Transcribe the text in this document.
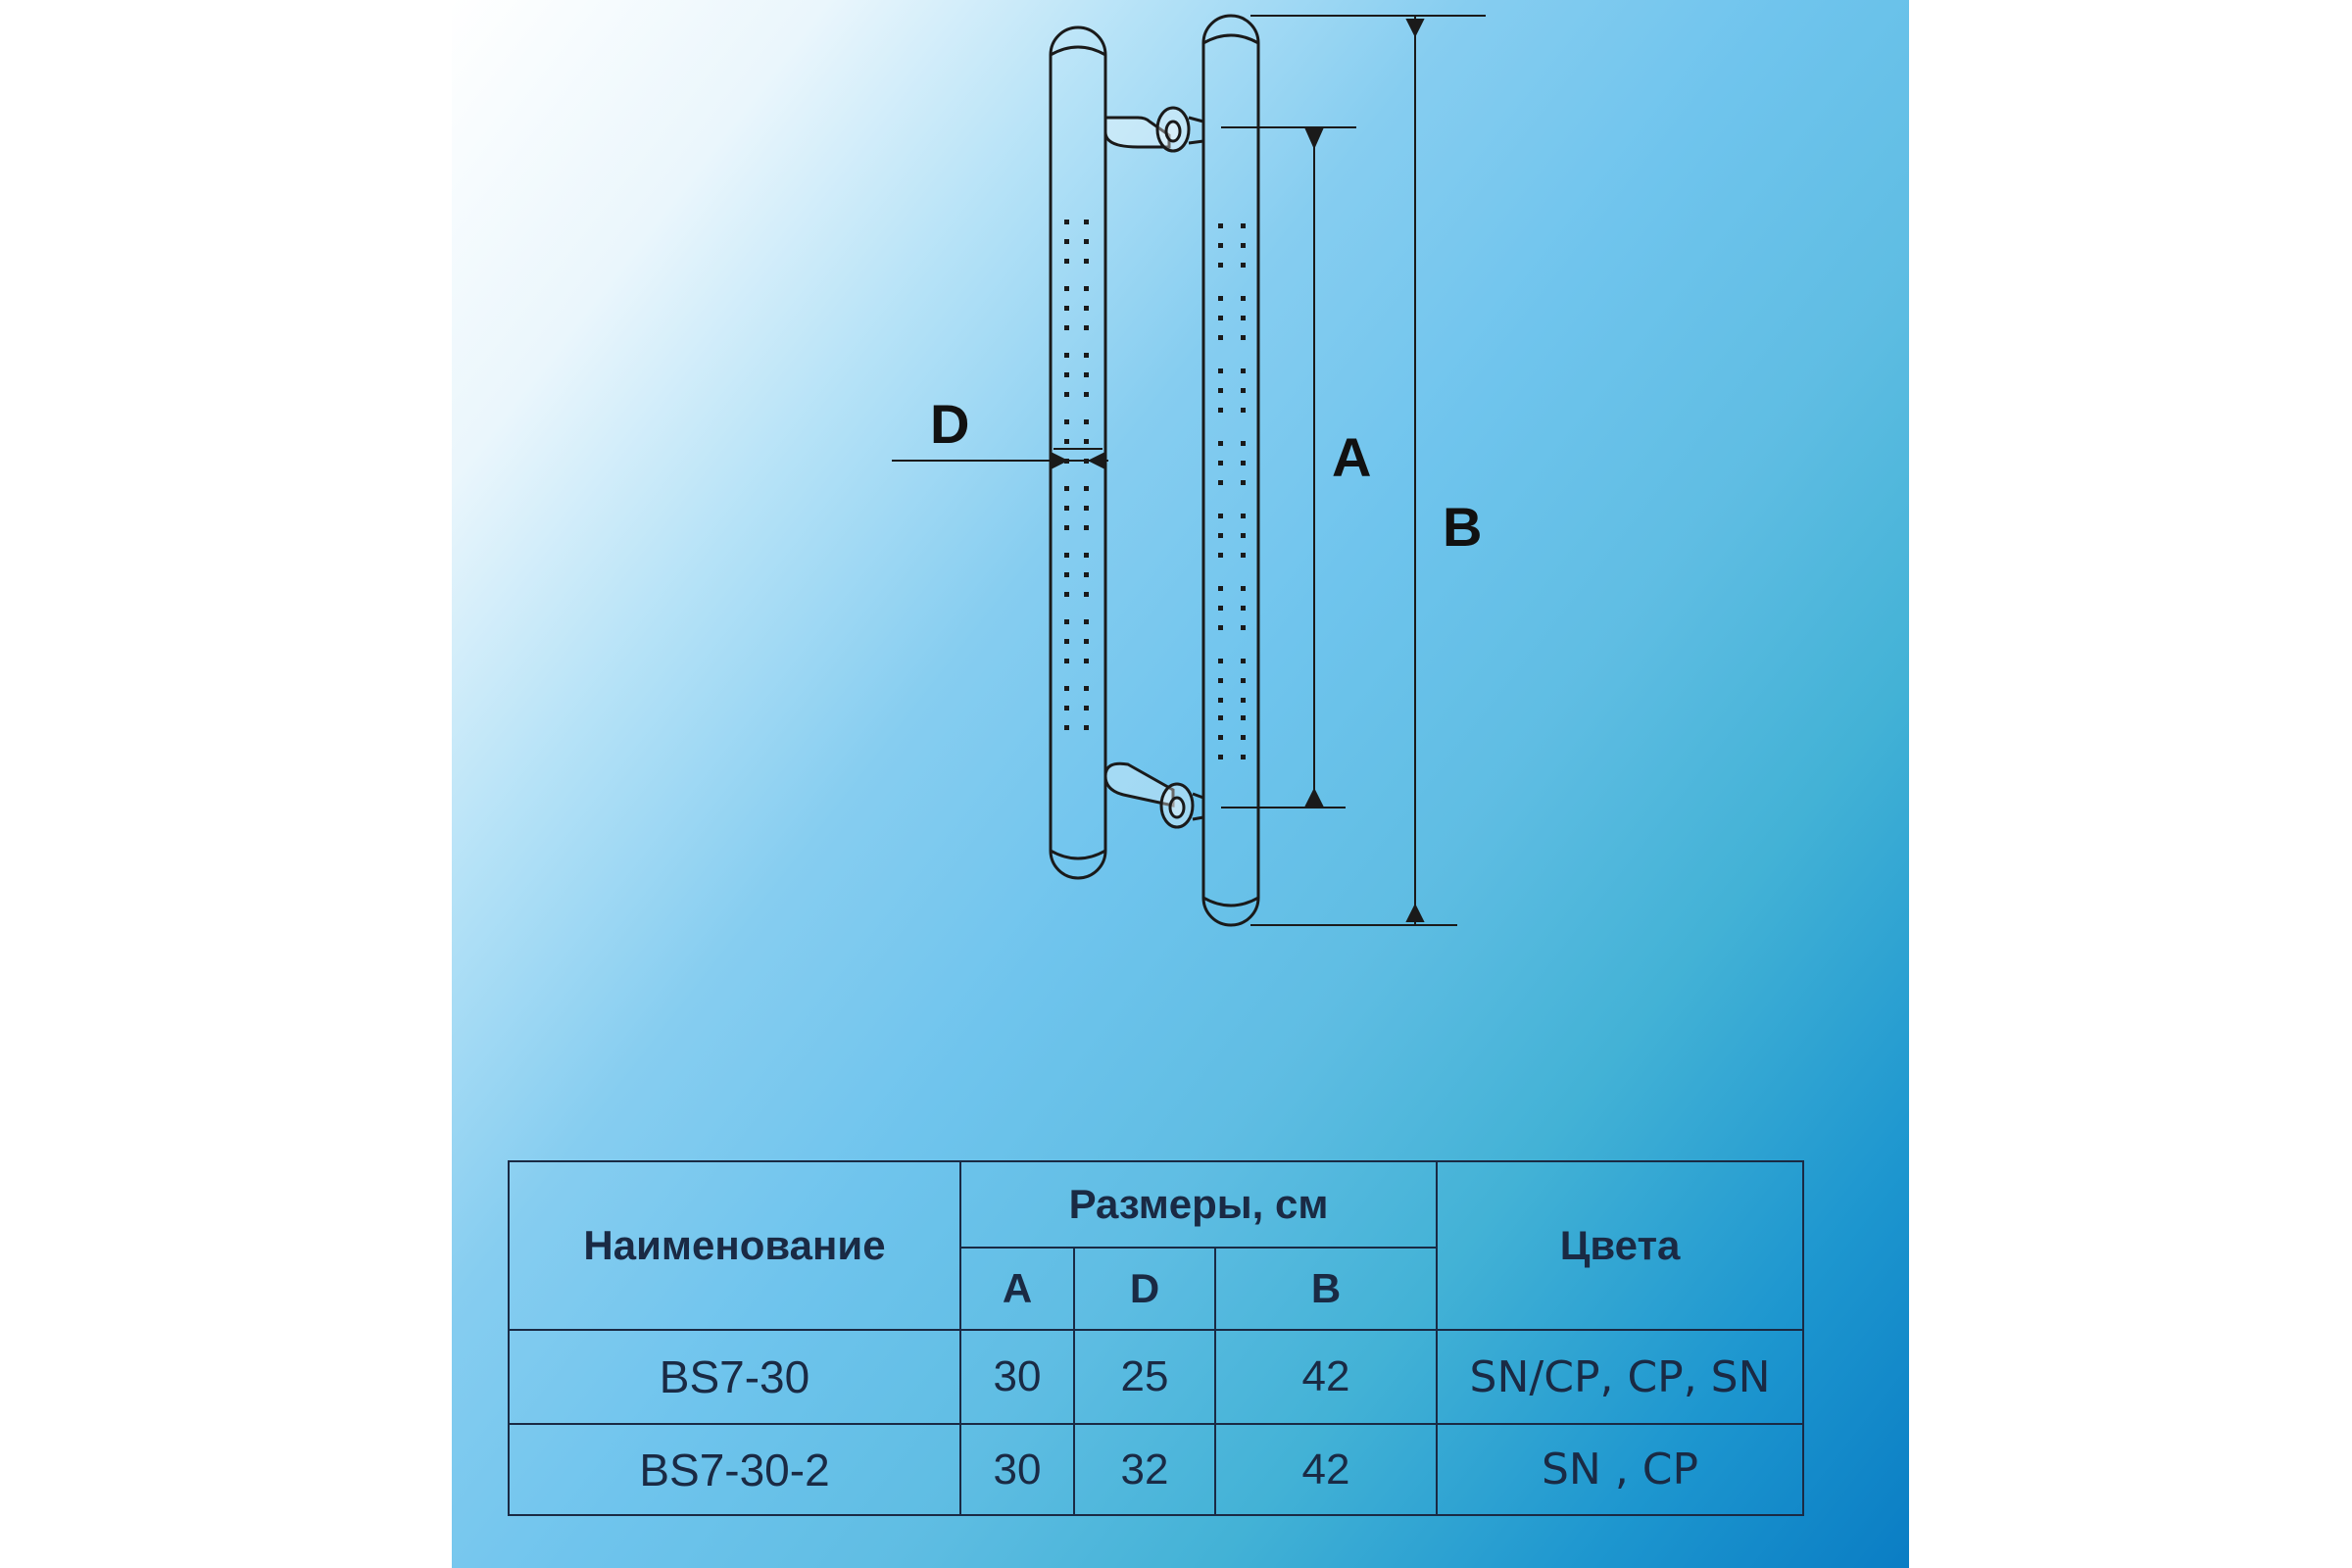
D
A
B
Наименование	Размеры, см			Цвета
	A	D	B	
BS7-30	30	25	42	SN/CP, CP, SN
BS7-30-2	30	32	42	SN , CP
